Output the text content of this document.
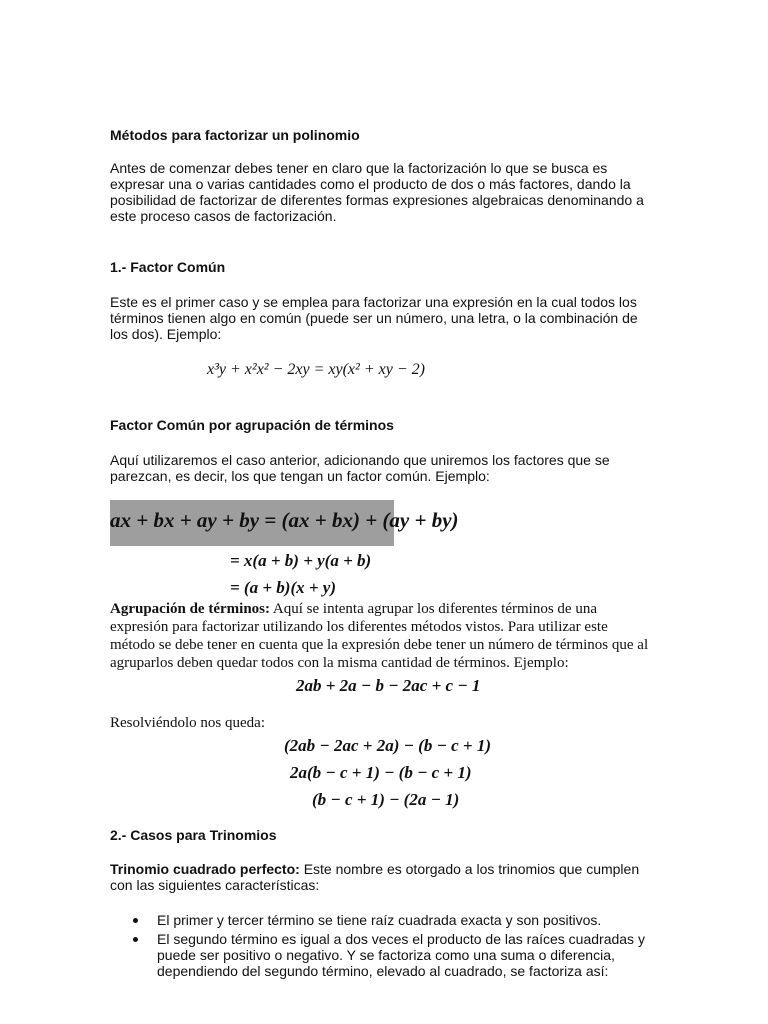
Métodos para factorizar un polinomio

Antes de comenzar debes tener en claro que la factorización lo que se busca es expresar una o varias cantidades como el producto de dos o más factores, dando la posibilidad de factorizar de diferentes formas expresiones algebraicas denominando a este proceso casos de factorización.

1.- Factor Común

Este es el primer caso y se emplea para factorizar una expresión en la cual todos los términos tienen algo en común (puede ser un número, una letra, o la combinación de los dos). Ejemplo:

x³y + x²x² − 2xy = xy(x² + xy − 2)

Factor Común por agrupación de términos

Aquí utilizaremos el caso anterior, adicionando que uniremos los factores que se parezcan, es decir, los que tengan un factor común. Ejemplo:

ax + bx + ay + by = (ax + bx) + (ay + by)
= x(a + b) + y(a + b)
= (a + b)(x + y)

Agrupación de términos: Aquí se intenta agrupar los diferentes términos de una expresión para factorizar utilizando los diferentes métodos vistos. Para utilizar este método se debe tener en cuenta que la expresión debe tener un número de términos que al agruparlos deben quedar todos con la misma cantidad de términos. Ejemplo:

2ab + 2a − b − 2ac + c − 1

Resolviéndolo nos queda:

(2ab − 2ac + 2a) − (b − c + 1)
2a(b − c + 1) − (b − c + 1)
(b − c + 1) − (2a − 1)

2.- Casos para Trinomios

Trinomio cuadrado perfecto: Este nombre es otorgado a los trinomios que cumplen con las siguientes características:

El primer y tercer término se tiene raíz cuadrada exacta y son positivos.
El segundo término es igual a dos veces el producto de las raíces cuadradas y puede ser positivo o negativo. Y se factoriza como una suma o diferencia, dependiendo del segundo término, elevado al cuadrado, se factoriza así:
